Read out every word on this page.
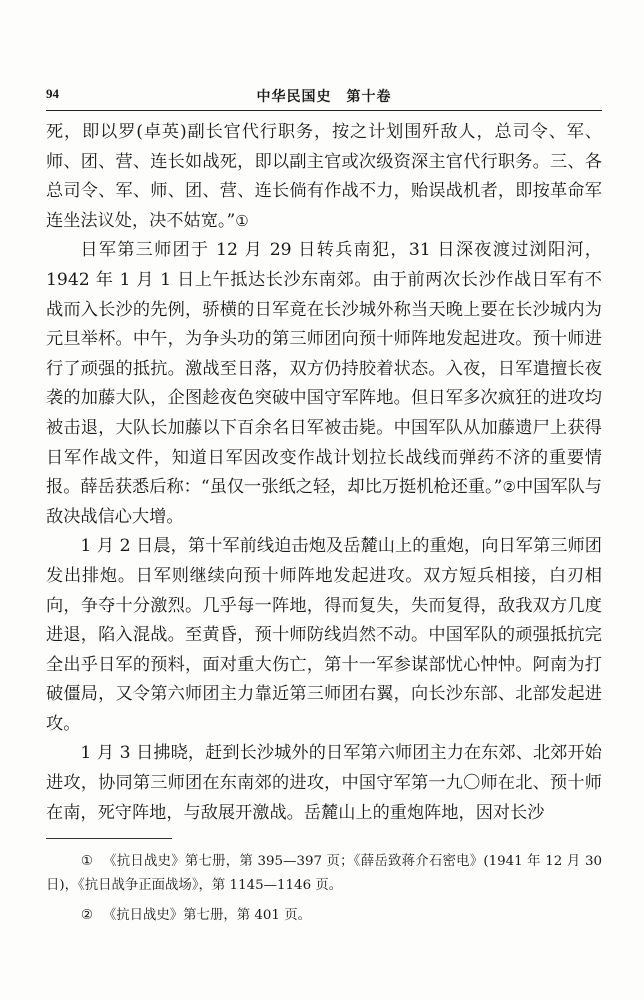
94	中华民国史　第十卷

死，即以罗(卓英)副长官代行职务，按之计划围歼敌人，总司令、军、师、团、营、连长如战死，即以副主官或次级资深主官代行职务。三、各总司令、军、师、团、营、连长倘有作战不力，贻误战机者，即按革命军连坐法议处，决不姑宽。”①

日军第三师团于 12 月 29 日转兵南犯，31 日深夜渡过浏阳河，1942 年 1 月 1 日上午抵达长沙东南郊。由于前两次长沙作战日军有不战而入长沙的先例，骄横的日军竟在长沙城外称当天晚上要在长沙城内为元旦举杯。中午，为争头功的第三师团向预十师阵地发起进攻。预十师进行了顽强的抵抗。激战至日落，双方仍持胶着状态。入夜，日军遣擅长夜袭的加藤大队，企图趁夜色突破中国守军阵地。但日军多次疯狂的进攻均被击退，大队长加藤以下百余名日军被击毙。中国军队从加藤遗尸上获得日军作战文件，知道日军因改变作战计划拉长战线而弹药不济的重要情报。薛岳获悉后称：“虽仅一张纸之轻，却比万挺机枪还重。”②中国军队与敌决战信心大增。

1 月 2 日晨，第十军前线迫击炮及岳麓山上的重炮，向日军第三师团发出排炮。日军则继续向预十师阵地发起进攻。双方短兵相接，白刃相向，争夺十分激烈。几乎每一阵地，得而复失，失而复得，敌我双方几度进退，陷入混战。至黄昏，预十师防线岿然不动。中国军队的顽强抵抗完全出乎日军的预料，面对重大伤亡，第十一军参谋部忧心忡忡。阿南为打破僵局，又令第六师团主力靠近第三师团右翼，向长沙东部、北部发起进攻。

1 月 3 日拂晓，赶到长沙城外的日军第六师团主力在东郊、北郊开始进攻，协同第三师团在东南郊的进攻，中国守军第一九〇师在北、预十师在南，死守阵地，与敌展开激战。岳麓山上的重炮阵地，因对长沙

① 《抗日战史》第七册，第 395—397 页；《薛岳致蒋介石密电》(1941 年 12 月 30 日)，《抗日战争正面战场》，第 1145—1146 页。

② 《抗日战史》第七册，第 401 页。
